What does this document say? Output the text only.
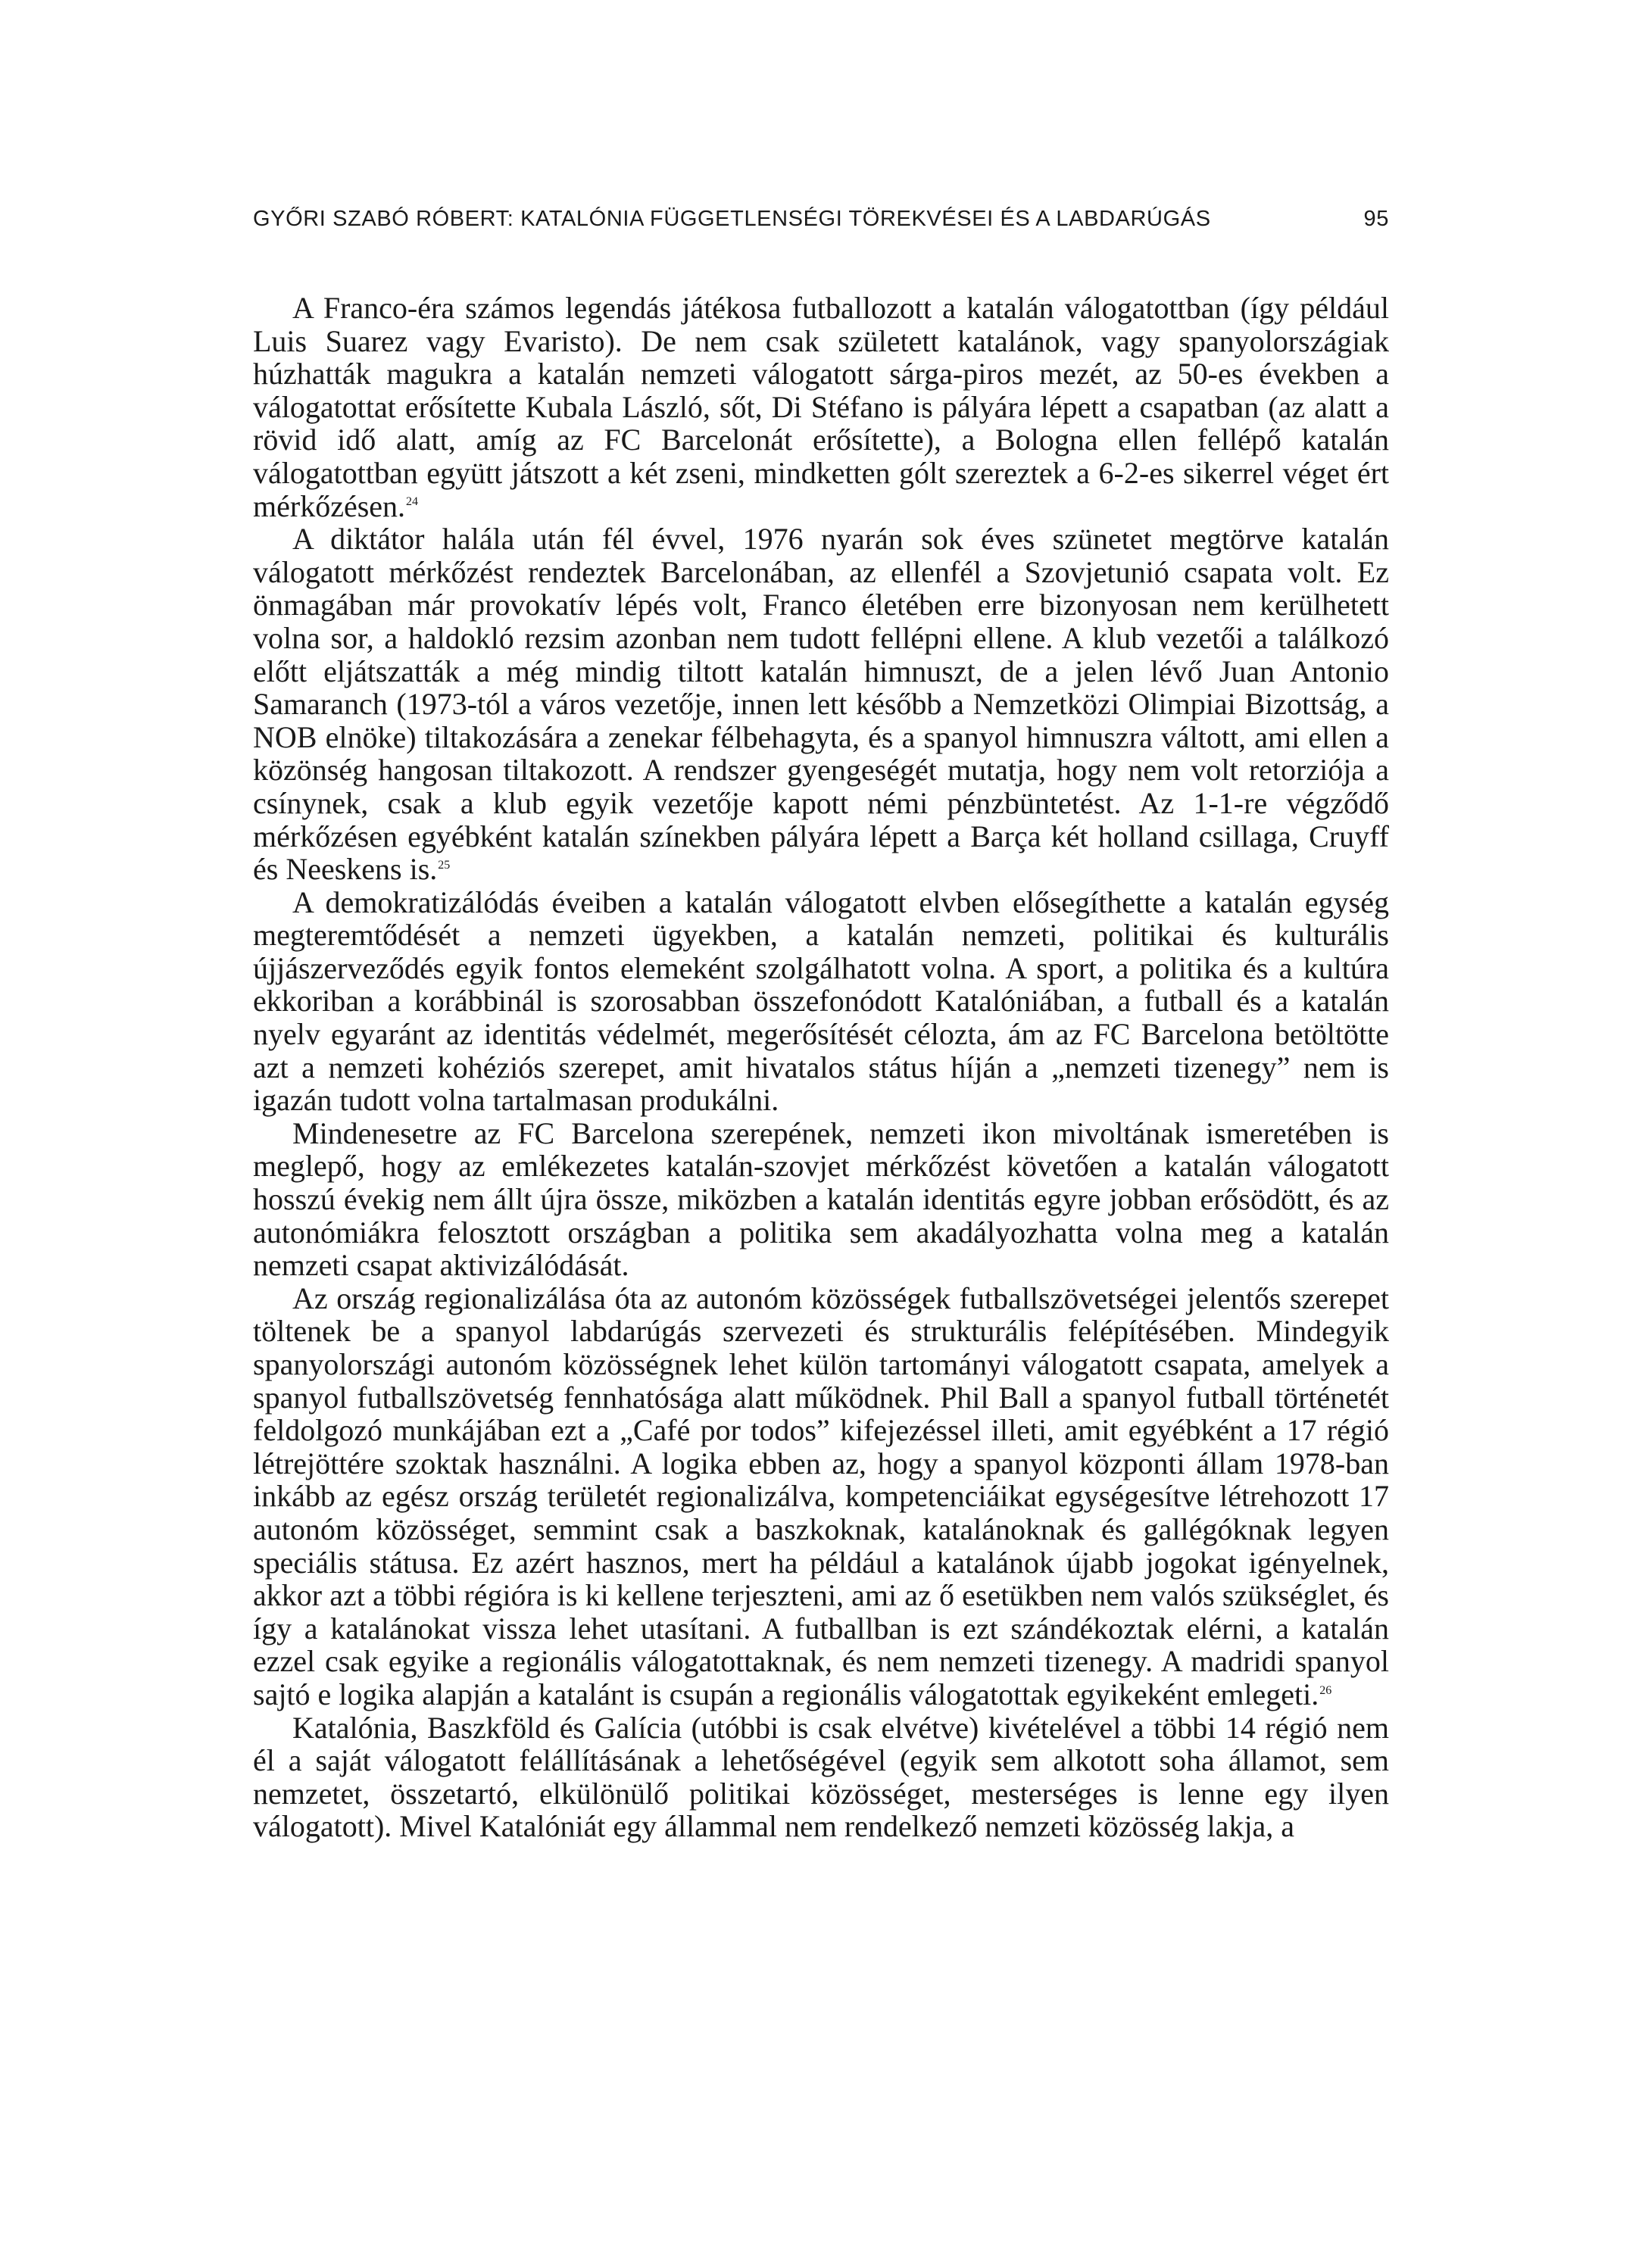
GYŐRI SZABÓ RÓBERT: KATALÓNIA FÜGGETLENSÉGI TÖREKVÉSEI ÉS A LABDARÚGÁS	95

A Franco-éra számos legendás játékosa futballozott a katalán válogatottban (így például Luis Suarez vagy Evaristo). De nem csak született katalánok, vagy spanyolországiak húzhatták magukra a katalán nemzeti válogatott sárga-piros mezét, az 50-es években a válogatottat erősítette Kubala László, sőt, Di Stéfano is pályára lépett a csapatban (az alatt a rövid idő alatt, amíg az FC Barcelonát erősítette), a Bologna ellen fellépő katalán válogatottban együtt játszott a két zseni, mindketten gólt szereztek a 6-2-es sikerrel véget ért mérkőzésen.$^{24}$

A diktátor halála után fél évvel, 1976 nyarán sok éves szünetet megtörve katalán válogatott mérkőzést rendeztek Barcelonában, az ellenfél a Szovjetunió csapata volt. Ez önmagában már provokatív lépés volt, Franco életében erre bizonyosan nem kerülhetett volna sor, a haldokló rezsim azonban nem tudott fellépni ellene. A klub vezetői a találkozó előtt eljátszatták a még mindig tiltott katalán himnuszt, de a jelen lévő Juan Antonio Samaranch (1973-tól a város vezetője, innen lett később a Nemzetközi Olimpiai Bizottság, a NOB elnöke) tiltakozására a zenekar félbehagyta, és a spanyol himnuszra váltott, ami ellen a közönség hangosan tiltakozott. A rendszer gyengeségét mutatja, hogy nem volt retorziója a csínynek, csak a klub egyik vezetője kapott némi pénzbüntetést. Az 1-1-re végződő mérkőzésen egyébként katalán színekben pályára lépett a Barça két holland csillaga, Cruyff és Neeskens is.$^{25}$

A demokratizálódás éveiben a katalán válogatott elvben elősegíthette a katalán egység megteremtődését a nemzeti ügyekben, a katalán nemzeti, politikai és kulturális újjászerveződés egyik fontos elemeként szolgálhatott volna. A sport, a politika és a kultúra ekkoriban a korábbinál is szorosabban összefonódott Katalóniában, a futball és a katalán nyelv egyaránt az identitás védelmét, megerősítését célozta, ám az FC Barcelona betöltötte azt a nemzeti kohéziós szerepet, amit hivatalos státus híján a „nemzeti tizenegy” nem is igazán tudott volna tartalmasan produkálni.

Mindenesetre az FC Barcelona szerepének, nemzeti ikon mivoltának ismeretében is meglepő, hogy az emlékezetes katalán-szovjet mérkőzést követően a katalán válogatott hosszú évekig nem állt újra össze, miközben a katalán identitás egyre jobban erősödött, és az autonómiákra felosztott országban a politika sem akadályozhatta volna meg a katalán nemzeti csapat aktivizálódását.

Az ország regionalizálása óta az autonóm közösségek futballszövetségei jelentős szerepet töltenek be a spanyol labdarúgás szervezeti és strukturális felépítésében. Mindegyik spanyolországi autonóm közösségnek lehet külön tartományi válogatott csapata, amelyek a spanyol futballszövetség fennhatósága alatt működnek. Phil Ball a spanyol futball történetét feldolgozó munkájában ezt a „Café por todos” kifejezéssel illeti, amit egyébként a 17 régió létrejöttére szoktak használni. A logika ebben az, hogy a spanyol központi állam 1978-ban inkább az egész ország területét regionalizálva, kompetenciáikat egységesítve létrehozott 17 autonóm közösséget, semmint csak a baszkoknak, katalánoknak és gallégóknak legyen speciális státusa. Ez azért hasznos, mert ha például a katalánok újabb jogokat igényelnek, akkor azt a többi régióra is ki kellene terjeszteni, ami az ő esetükben nem valós szükséglet, és így a katalánokat vissza lehet utasítani. A futballban is ezt szándékoztak elérni, a katalán ezzel csak egyike a regionális válogatottaknak, és nem nemzeti tizenegy. A madridi spanyol sajtó e logika alapján a katalánt is csupán a regionális válogatottak egyikeként emlegeti.$^{26}$

Katalónia, Baszkföld és Galícia (utóbbi is csak elvétve) kivételével a többi 14 régió nem él a saját válogatott felállításának a lehetőségével (egyik sem alkotott soha államot, sem nemzetet, összetartó, elkülönülő politikai közösséget, mesterséges is lenne egy ilyen válogatott). Mivel Katalóniát egy állammal nem rendelkező nemzeti közösség lakja, a
